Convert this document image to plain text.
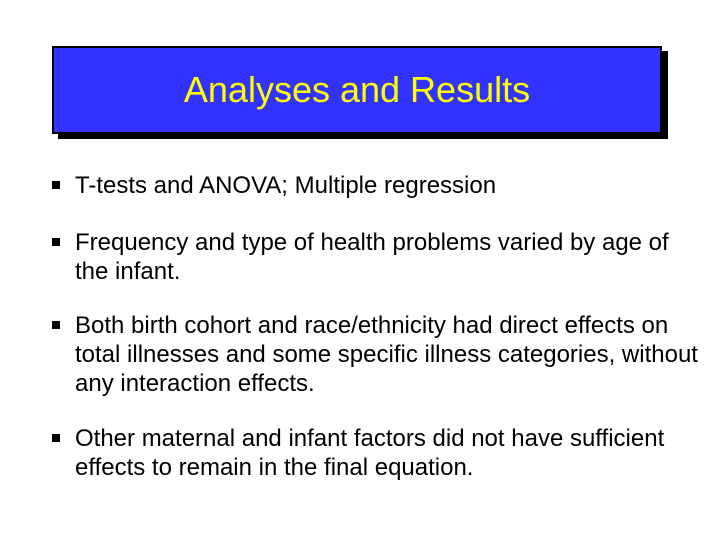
Analyses and Results
T-tests and ANOVA; Multiple regression
Frequency and type of health problems varied by age of the infant.
Both birth cohort and race/ethnicity had direct effects on total illnesses and some specific illness categories, without any interaction effects.
Other maternal and infant factors did not have sufficient effects to remain in the final equation.
